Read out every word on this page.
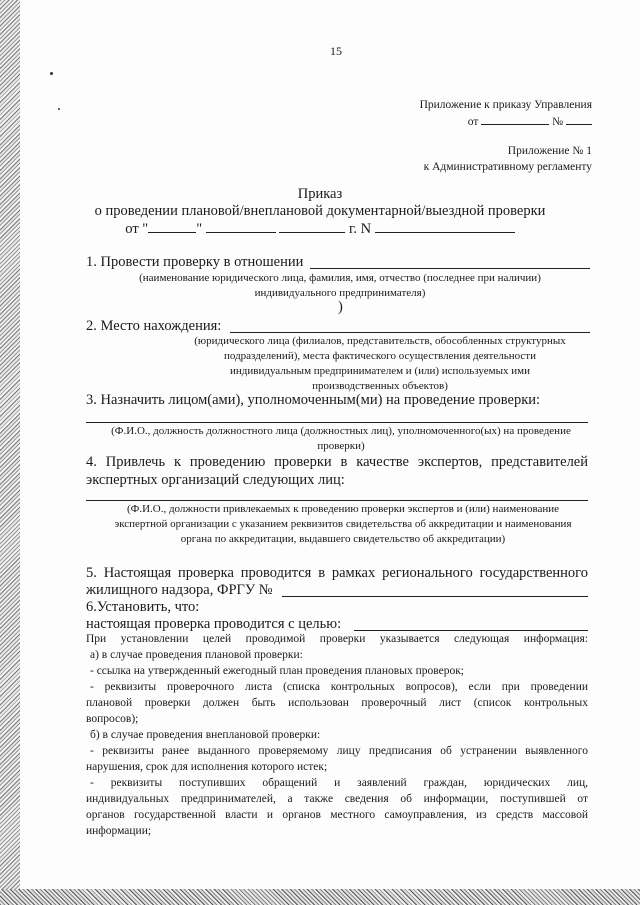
15
Приложение к приказу Управления
от	№
Приложение № 1
к Административному регламенту
Приказ
о проведении плановой/внеплановой документарной/выездной проверки
от "	"	г. N
1. Провести проверку в отношении
(наименование юридического лица, фамилия, имя, отчество (последнее при наличии) индивидуального предпринимателя)
)
2. Место нахождения:
(юридического лица (филиалов, представительств, обособленных структурных подразделений), места фактического осуществления деятельности индивидуальным предпринимателем и (или) используемых ими производственных объектов)
3. Назначить лицом(ами), уполномоченным(ми) на проведение проверки:
(Ф.И.О., должность должностного лица (должностных лиц), уполномоченного(ых) на проведение проверки)
4. Привлечь к проведению проверки в качестве экспертов, представителей
экспертных организаций следующих лиц:
(Ф.И.О., должности привлекаемых к проведению проверки экспертов и (или) наименование экспертной организации с указанием реквизитов свидетельства об аккредитации и наименования органа по аккредитации, выдавшего свидетельство об аккредитации)
5. Настоящая проверка проводится в рамках регионального государственного
жилищного надзора, ФРГУ №
6.Установить, что:
настоящая проверка проводится с целью:
При установлении целей проводимой проверки указывается следующая информация:
а) в случае проведения плановой проверки:
- ссылка на утвержденный ежегодный план проведения плановых проверок;
- реквизиты проверочного листа (списка контрольных вопросов), если при проведении
плановой проверки должен быть использован проверочный лист (список контрольных
вопросов);
б) в случае проведения внеплановой проверки:
- реквизиты ранее выданного проверяемому лицу предписания об устранении выявленного
нарушения, срок для исполнения которого истек;
- реквизиты поступивших обращений и заявлений граждан, юридических лиц,
индивидуальных предпринимателей, а также сведения об информации, поступившей от
органов государственной власти и органов местного самоуправления, из средств массовой
информации;
